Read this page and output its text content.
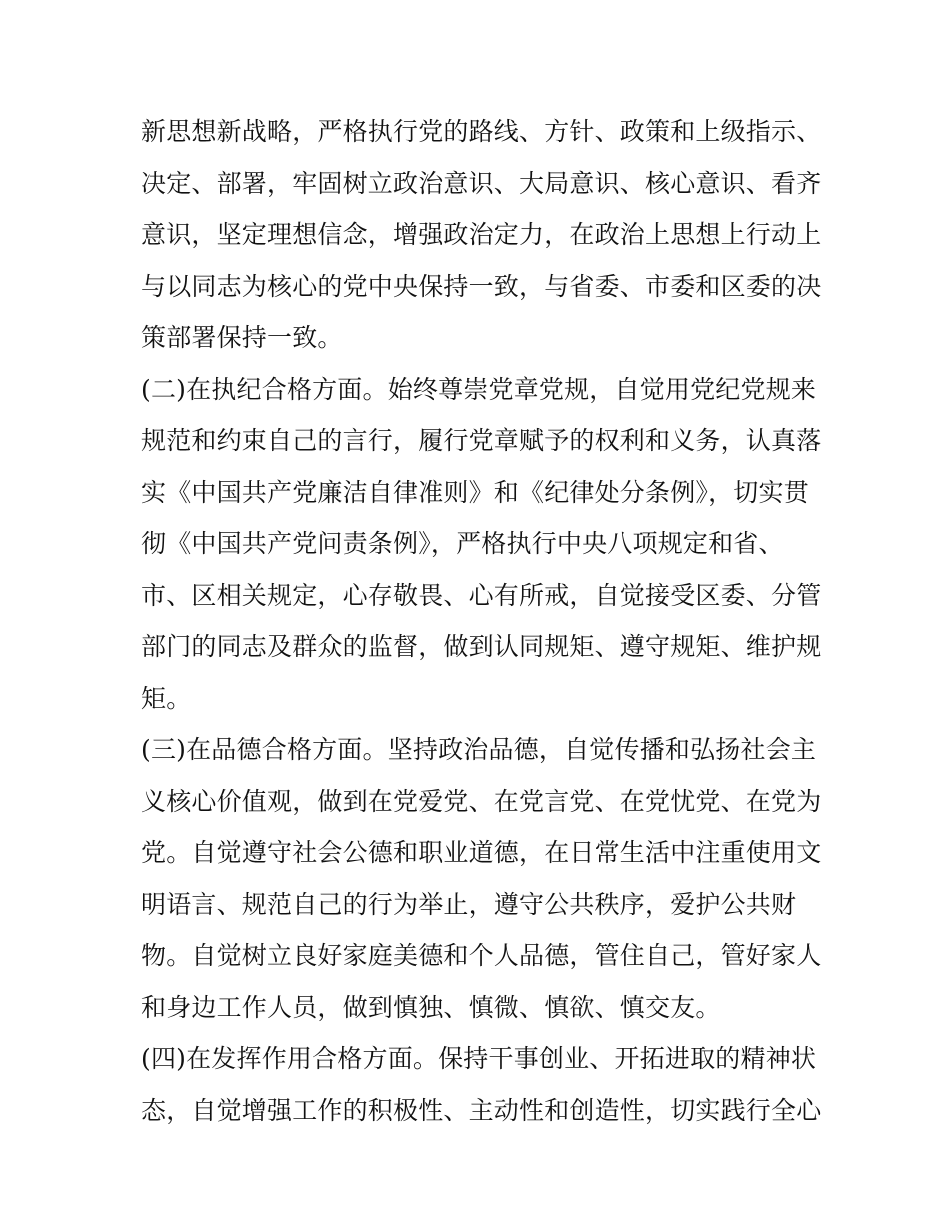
新思想新战略，严格执行党的路线、方针、政策和上级指示、
决定、部署，牢固树立政治意识、大局意识、核心意识、看齐
意识，坚定理想信念，增强政治定力，在政治上思想上行动上
与以同志为核心的党中央保持一致，与省委、市委和区委的决
策部署保持一致。
(二)在执纪合格方面。始终尊崇党章党规，自觉用党纪党规来
规范和约束自己的言行，履行党章赋予的权利和义务，认真落
实《中国共产党廉洁自律准则》和《纪律处分条例》，切实贯
彻《中国共产党问责条例》，严格执行中央八项规定和省、
市、区相关规定，心存敬畏、心有所戒，自觉接受区委、分管
部门的同志及群众的监督，做到认同规矩、遵守规矩、维护规
矩。
(三)在品德合格方面。坚持政治品德，自觉传播和弘扬社会主
义核心价值观，做到在党爱党、在党言党、在党忧党、在党为
党。自觉遵守社会公德和职业道德，在日常生活中注重使用文
明语言、规范自己的行为举止，遵守公共秩序，爱护公共财
物。自觉树立良好家庭美德和个人品德，管住自己，管好家人
和身边工作人员，做到慎独、慎微、慎欲、慎交友。
(四)在发挥作用合格方面。保持干事创业、开拓进取的精神状
态，自觉增强工作的积极性、主动性和创造性，切实践行全心
